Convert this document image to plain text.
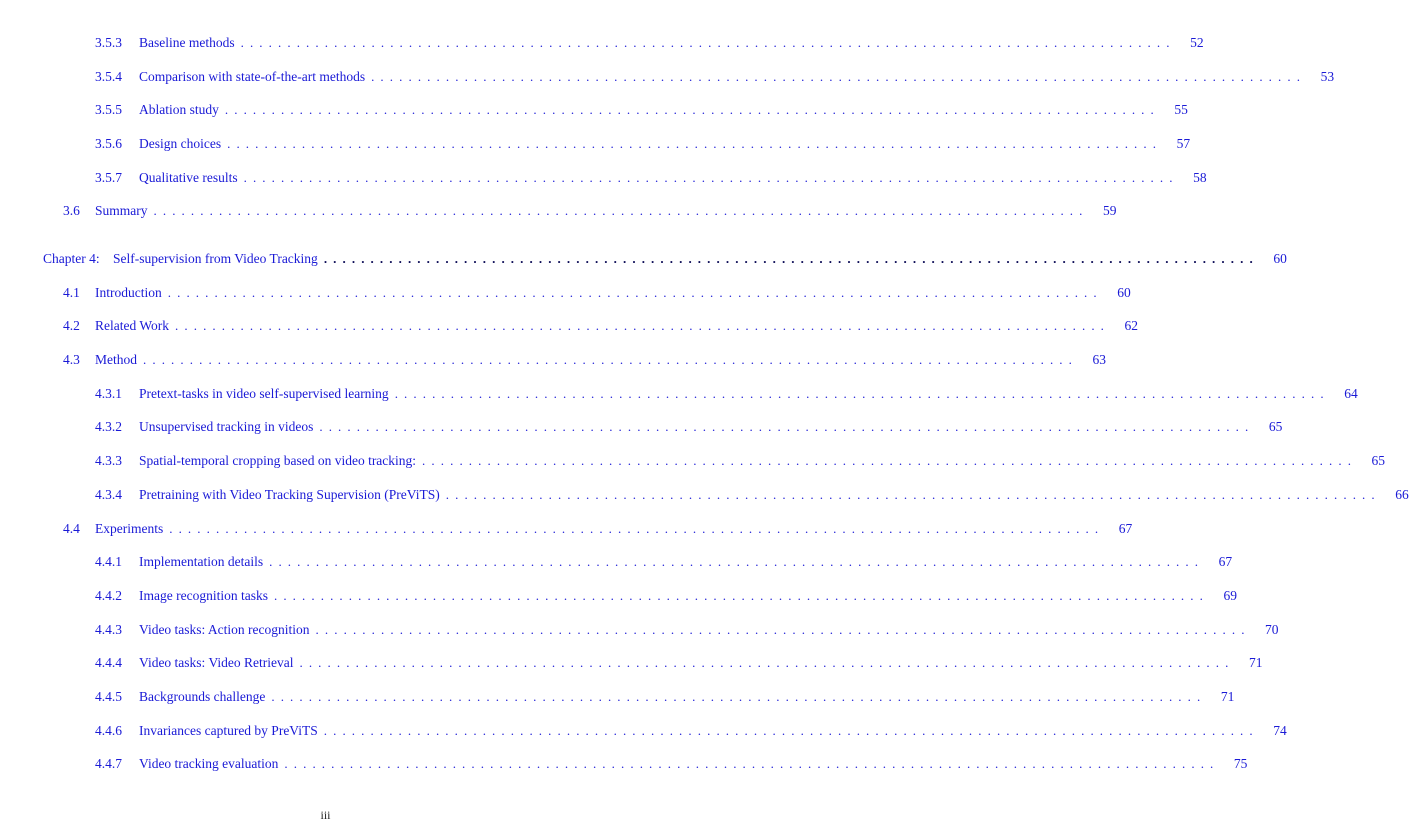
3.5.3	Baseline methods ....................................................................................................	52
3.5.4	Comparison with state-of-the-art methods ....................................................................................................	53
3.5.5	Ablation study ....................................................................................................	55
3.5.6	Design choices ....................................................................................................	57
3.5.7	Qualitative results ....................................................................................................	58
3.6	Summary ....................................................................................................	59
Chapter 4: Self-supervision from Video Tracking ....................................................................................................	60
4.1	Introduction ....................................................................................................	60
4.2	Related Work ....................................................................................................	62
4.3	Method ....................................................................................................	63
4.3.1	Pretext-tasks in video self-supervised learning ....................................................................................................	64
4.3.2	Unsupervised tracking in videos ....................................................................................................	65
4.3.3	Spatial-temporal cropping based on video tracking: ....................................................................................................	65
4.3.4	Pretraining with Video Tracking Supervision (PreViTS) ....................................................................................................	66
4.4	Experiments ....................................................................................................	67
4.4.1	Implementation details ....................................................................................................	67
4.4.2	Image recognition tasks ....................................................................................................	69
4.4.3	Video tasks: Action recognition ....................................................................................................	70
4.4.4	Video tasks: Video Retrieval ....................................................................................................	71
4.4.5	Backgrounds challenge ....................................................................................................	71
4.4.6	Invariances captured by PreViTS ....................................................................................................	74
4.4.7	Video tracking evaluation ....................................................................................................	75
iii
